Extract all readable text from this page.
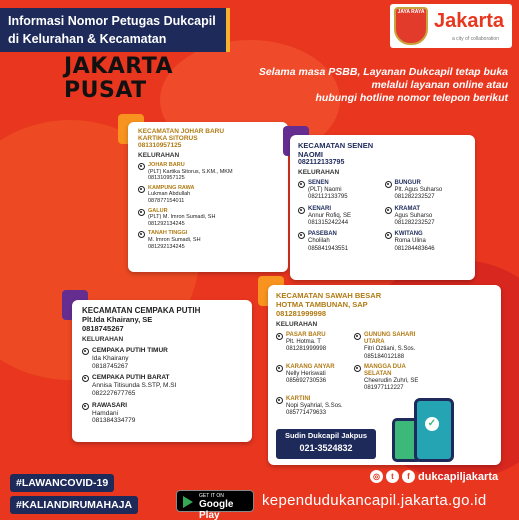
Informasi Nomor Petugas Dukcapil
di Kelurahan & Kecamatan
JAYA RAYA Jakarta
a city of collaboration
JAKARTA
PUSAT
Selama masa PSBB, Layanan Dukcapil tetap buka
melalui layanan online atau
hubungi hotline nomor telepon berikut
KECAMATAN JOHAR BARU
KARTIKA SITORUS
081310957125
KELURAHAN
JOHAR BARU
(PLT) Kartika Sitorus, S.KM., MKM
081310957125
KAMPUNG RAWA
Lukman Abdullah
087877154011
GALUR
(PLT) M. Imron Sumadi, SH
081292134245
TANAH TINGGI
M. Imron Sumadi, SH
081292134245
KECAMATAN SENEN
NAOMI
082112133795
KELURAHAN
SENEN
(PLT) Naomi
082112133795
BUNGUR
Plt. Agus Suharso
081282232527
KENARI
Annur Rofiq, SE
081315242244
KRAMAT
Agus Suharso
081282232527
PASEBAN
Cholilah
085841943551
KWITANG
Roma Ulina
081284483646
KECAMATAN CEMPAKA PUTIH
Plt.Ida Khairany, SE
0818745267
KELURAHAN
CEMPAKA PUTIH TIMUR
Ida Khairany
0818745267
CEMPAKA PUTIH BARAT
Annisa Titisunda S.STP, M.SI
082227677765
RAWASARI
Hamdani
081384334779
KECAMATAN SAWAH BESAR
HOTMA TAMBUNAN, SAP
081281999998
KELURAHAN
PASAR BARU
Plt. Hotma. T
081281999998
GUNUNG SAHARI UTARA
Fitri Oztiani, S.Sos.
085184012188
KARANG ANYAR
Nelly Heriswati
085692730536
MANGGA DUA SELATAN
Cheerudin Zuhri, SE
081977112227
KARTINI
Nopi Syahrial, S.Sos.
085771479633
Sudin Dukcapil Jakpus
021-3524832
✓
#LAWANCOVID-19
#KALIANDIRUMAHAJA
GET IT ON
Google Play
◎	t	f dukcapiljakarta
kependudukancapil.jakarta.go.id
